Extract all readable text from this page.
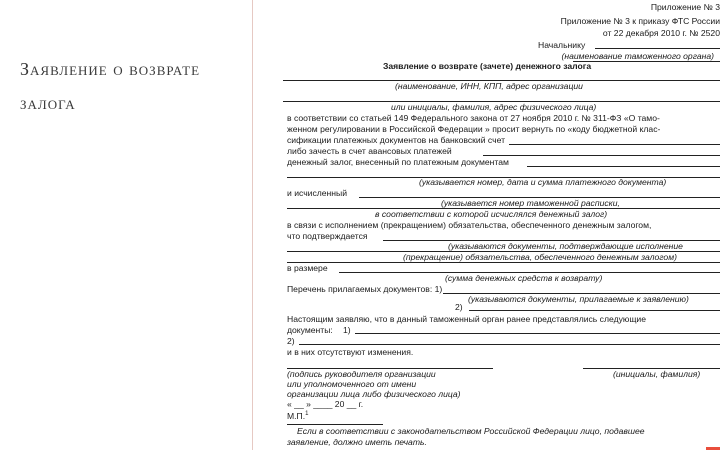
Заявление о возврате залога
Приложение № 3
Приложение № 3 к приказу ФТС России
от 22 декабря 2010 г. № 2520
Начальнику
(наименование таможенного органа)
Заявление о возврате (зачете) денежного залога
(наименование, ИНН, КПП, адрес организации
или инициалы, фамилия, адрес физического лица)
в соответствии со статьей 149 Федерального закона от 27 ноября 2010 г. № 311-ФЗ «О тамо-
женном регулировании в Российской Федерации » просит вернуть по «коду бюджетной клас-
сификации платежных документов на банковский счет
либо зачесть в счет авансовых платежей
денежный залог, внесенный по платежным документам
(указывается номер, дата и сумма платежного документа)
и исчисленный
(указывается номер таможенной расписки,
в соответствии с которой исчислялся денежный залог)
в связи с исполнением (прекращением) обязательства, обеспеченного денежным залогом,
что подтверждается
(указываются документы, подтверждающие исполнение
(прекращение) обязательства, обеспеченного денежным залогом)
в размере
(сумма денежных средств к возврату)
Перечень прилагаемых документов: 1)
(указываются документы, прилагаемые к заявлению)
2)
Настоящим заявляю, что в данный таможенный орган ранее представлялись следующие
документы: 1)
2)
и в них отсутствуют изменения.
(подпись руководителя организации	(инициалы, фамилия)
или уполномоченного от имени
организации лица либо физического лица)
« __ » ____ 20 __ г.
М.П.$^1$
Если в соответствии с законодательством Российской Федерации лицо, подавшее
заявление, должно иметь печать.
